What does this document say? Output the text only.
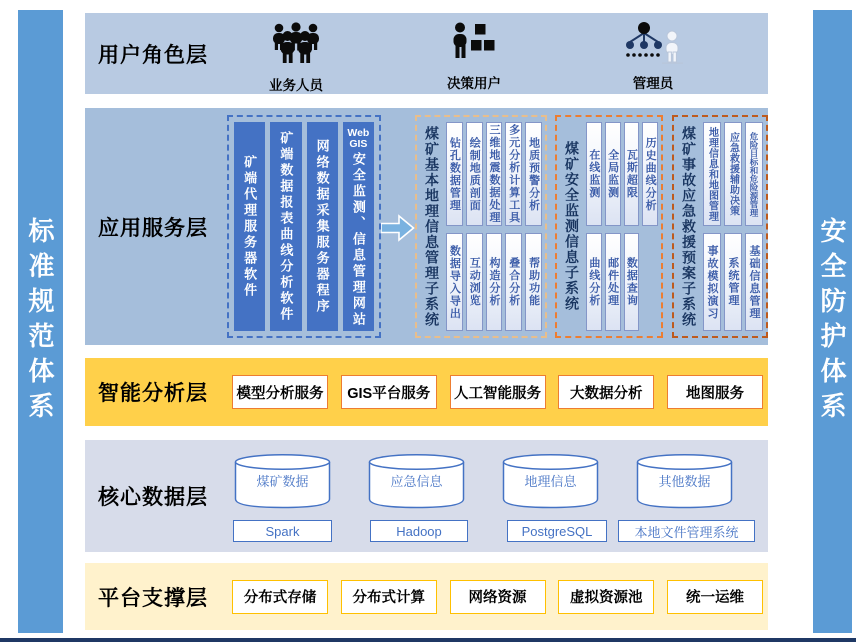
标准规范体系	安全防护体系
用户角色层
业务人员	决策用户	管理员
应用服务层	矿端代理服务器软件 矿端数据报表曲线分析软件 网络数据采集服务器程序
Web GIS
安全监测、信息管理网站	煤矿基本地理信息管理子系统 钻孔数据管理 绘制地质剖面 三维地震数据处理 多元分析计算工具 地质预警分析
数据导入导出 互动浏览 构造分析 叠合分析 帮助功能 煤矿安全监测信息子系统 在线监测 全局监测 瓦斯超限 历史曲线分析
曲线分析 邮件处理 数据查询	煤矿事故应急救援预案子系统 地理信息和地图管理	应急救援辅助决策	危险目标和危险源管理
事故模拟演习 系统管理 基础信息管理
智能分析层	模型分析服务	GIS平台服务	人工智能服务	大数据分析	地图服务
核心数据层
煤矿数据	应急信息	地理信息	其他数据
Spark	Hadoop	PostgreSQL	本地文件管理系统
平台支撑层	分布式存储	分布式计算	网络资源	虚拟资源池	统一运维
